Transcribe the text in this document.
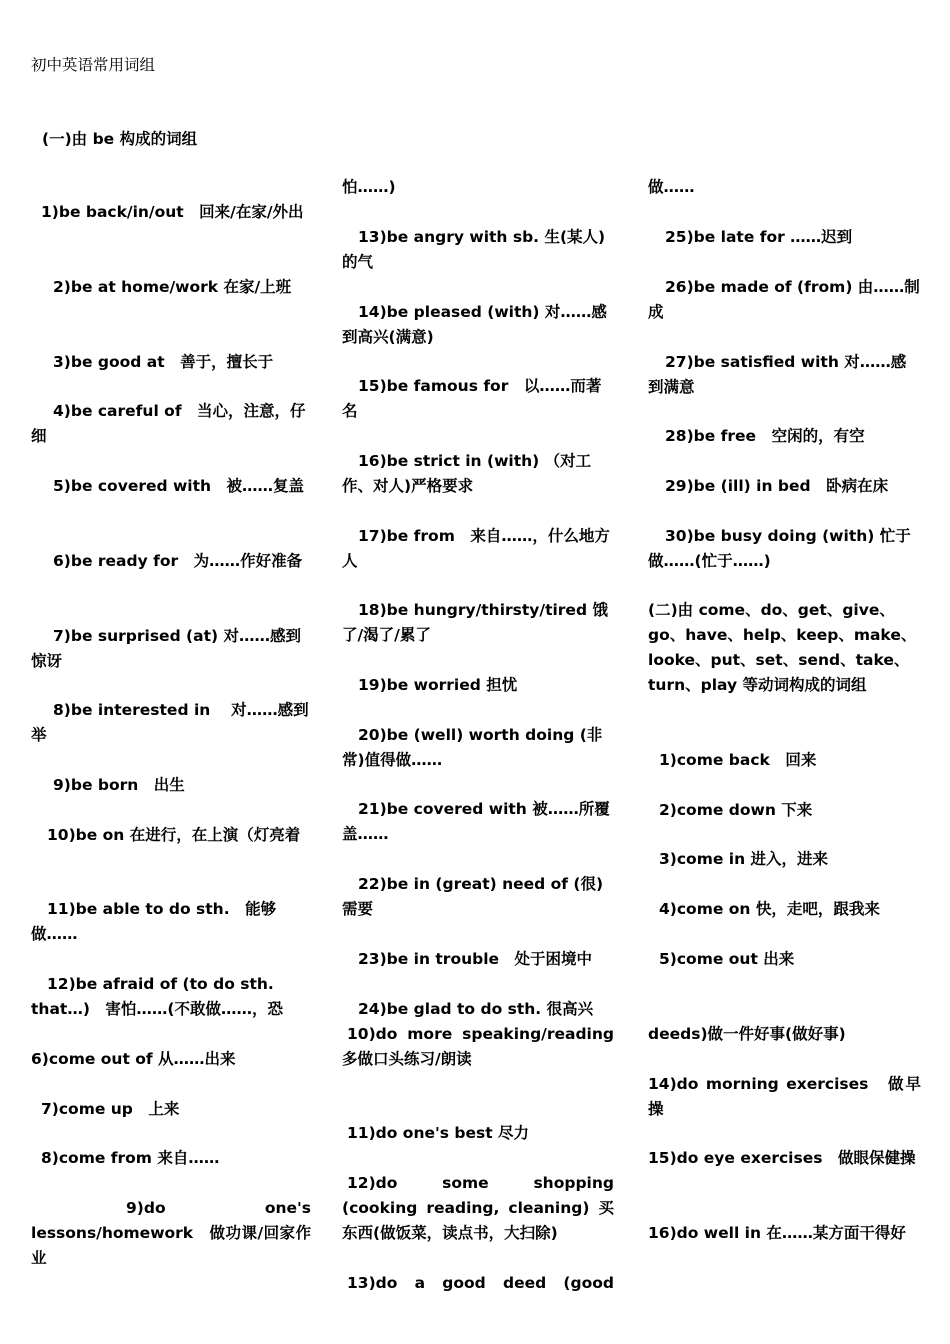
初中英语常用词组
(一)由 be 构成的词组
1)be back/in/out　回来/在家/外出
2)be at home/work 在家/上班
3)be good at　善于，擅长于
4)be careful of　当心，注意，仔细
5)be covered with　被……复盖
6)be ready for　为……作好准备
7)be surprised (at) 对……感到惊讶
8)be interested in　 对……感到举
9)be born　出生
10)be on 在进行，在上演（灯亮着
11)be able to do sth.　能够做……
12)be afraid of (to do sth. that…)　害怕……(不敢做……，恐
6)come out of 从……出来
7)come up　上来
8)come from 来自……
9)do one's lessons/homework　做功课/回家作业
怕……)
13)be angry with sb. 生(某人)的气
14)be pleased (with) 对……感到高兴(满意)
15)be famous for　以……而著名
16)be strict in (with) （对工作、对人)严格要求
17)be from　来自……，什么地方人
18)be hungry/thirsty/tired 饿了/渴了/累了
19)be worried 担忧
20)be (well) worth doing (非常)值得做……
21)be covered with 被……所覆盖……
22)be in (great) need of (很)需要
23)be in trouble　处于困境中
24)be glad to do sth. 很高兴
10)do more speaking/reading　多做口头练习/朗读
11)do one's best 尽力
12)do some shopping (cooking reading, cleaning) 买东西(做饭菜，读点书，大扫除)
13)do a good deed (good
做……
25)be late for ……迟到
26)be made of (from) 由……制成
27)be satisfied with 对……感到满意
28)be free　空闲的，有空
29)be (ill) in bed　卧病在床
30)be busy doing (with) 忙于做……(忙于……)
(二)由 come、do、get、give、go、have、help、keep、make、looke、put、set、send、take、turn、play 等动词构成的词组
1)come back　回来
2)come down 下来
3)come in 进入，进来
4)come on 快，走吧，跟我来
5)come out 出来
deeds)做一件好事(做好事)
14)do morning exercises　做早操
15)do eye exercises　做眼保健操
16)do well in 在……某方面干得好
